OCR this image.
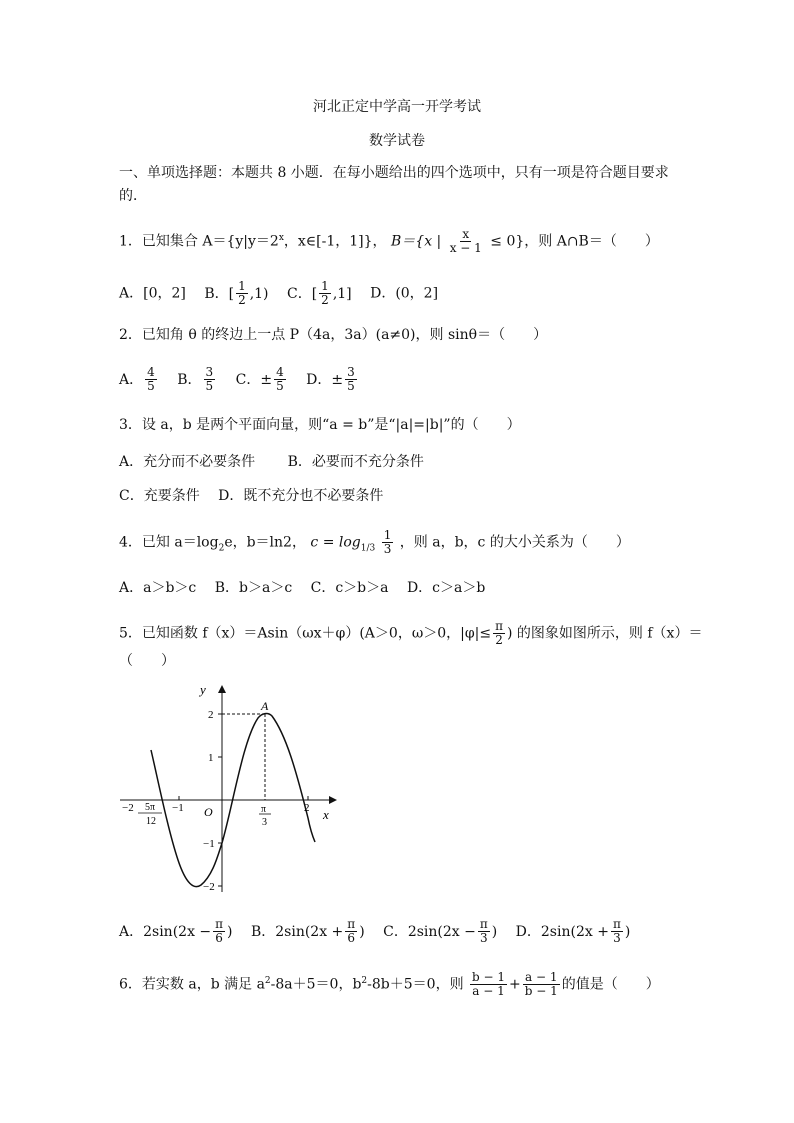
河北正定中学高一开学考试
数学试卷
一、单项选择题：本题共 8 小题．在每小题给出的四个选项中，只有一项是符合题目要求
的．
1．已知集合 $A=\{y|y=2^x$，x∈[-1，1]}， B＝{x | $\frac{x}{x - 1} \le 0$}，则 A∩B＝（　　）
A．[0，2] B．[ $\frac{1}{2} ,1$) C．[ $\frac{1}{2} ,1$] D．(0，2]
2．已知角 θ 的终边上一点 P（4a，3a）(a≠0)，则 sinθ＝（　　）
A． $\frac{4}{5}$ B． $\frac{3}{5}$ C．± $\frac{4}{5}$ D．± $\frac{3}{5}$
3．设 a，b 是两个平面向量，则“a = b”是“|a|=|b|”的（　　）
A．充分而不必要条件 B．必要而不充分条件
C．充要条件 D．既不充分也不必要条件
4．已知 $a=\log_2e$，b＝ln2， $c = \log_{1/3} \frac{1}{3}$ ，则 a，b，c 的大小关系为（　　）
A．a＞b＞c B．b＞a＞c C．c＞b＞a D．c＞a＞b
5．已知函数 f（x）＝Asin（ωx＋φ）(A＞0，ω＞0，$|\varphi|\le \frac{\pi}{2}$ ) 的图象如图所示，则 f（x）＝
（　　）
y
x
O
A
2
1
−1
−2
−2	−1	2
5π
12
π
3
A．$2\sin(2x - \frac{\pi}{6}$ ) B．$2\sin(2x + \frac{\pi}{6}$ ) C．$2\sin(2x - \frac{\pi}{3}$ ) D．$2\sin(2x + \frac{\pi}{3}$ )
6．若实数 a，b 满足 $a^2-8a+5=0$，$b^2-8b+5=0$，则 $\frac{b - 1}{a - 1} + \frac{a - 1}{b - 1}$ 的值是（　　）
